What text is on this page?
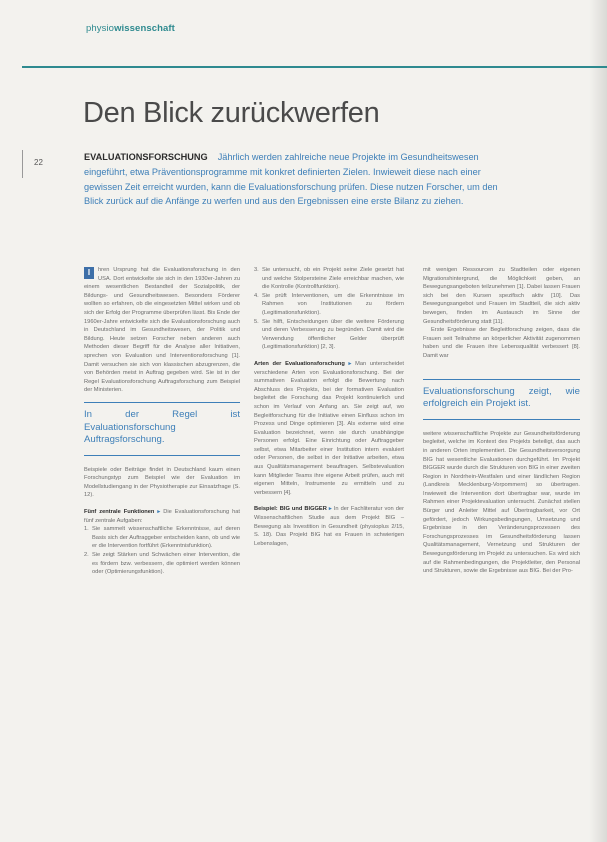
physiowissenschaft
22
Den Blick zurückwerfen
EVALUATIONSFORSCHUNG Jährlich werden zahlreiche neue Projekte im Gesundheitswesen eingeführt, etwa Präventionsprogramme mit konkret definierten Zielen. Inwieweit diese nach einer gewissen Zeit erreicht wurden, kann die Evaluationsforschung prüfen. Diese nutzen Forscher, um den Blick zurück auf die Anfänge zu werfen und aus den Ergebnissen eine erste Bilanz zu ziehen.

I	hren Ursprung hat die Evaluationsforschung in den USA. Dort entwickelte sie sich in den 1930er-Jahren zu einem wesentlichen Bestandteil der Sozialpolitik, der Bildungs- und Gesundheitswesen. Besonders Förderer wollten so erfahren, ob die eingesetzten Mittel wirken und ob sich der Erfolg der Programme überprüfen lässt. Bis Ende der 1960er-Jahre entwickelte sich die Evaluationsforschung auch in Deutschland im Gesundheitswesen, der Politik und Bildung. Heute setzen Forscher neben anderen auch Methoden dieser Begriff für die Analyse aller Initiativen, sprechen von Evaluation und Interventionsforschung [1]. Damit versuchen sie sich von klassischen abzugrenzen, die von Behörden meist in Auftrag gegeben wird. Sie ist in der Regel Evaluationsforschung Auftragsforschung zum Beispiel der Ministerien.

In der Regel ist Evaluationsforschung Auftragsforschung.

Beispiele oder Beiträge findet in Deutschland kaum einen Forschungstyp zum Beispiel wie der Evaluation im Modellstudiengang in der Physiotherapie zur Einsatzfrage (S. 12).

Fünf zentrale Funktionen ▸ Die Evaluationsforschung hat fünf zentrale Aufgaben:

1. Sie sammelt wissenschaftliche Erkenntnisse, auf deren Basis sich der Auftraggeber entscheiden kann, ob und wie er die Intervention fortführt (Erkenntnisfunktion).
2. Sie zeigt Stärken und Schwächen einer Intervention, die es fördern bzw. verbessern, die optimiert werden können oder (Optimierungsfunktion).
3. Sie untersucht, ob ein Projekt seine Ziele gesetzt hat und welche Stolpersteine Ziele erreichbar machen, wie die Kontrolle (Kontrollfunktion).
4. Sie prüft Interventionen, um die Erkenntnisse im Rahmen von Institutionen zu fördern (Legitimationsfunktion).
5. Sie hilft, Entscheidungen über die weitere Förderung und deren Verbesserung zu begründen. Damit wird die Verwendung öffentlicher Gelder überprüft (Legitimationsfunktion) [2, 3].

Arten der Evaluationsforschung ▸ Man unterscheidet verschiedene Arten von Evaluationsforschung. Bei der summativen Evaluation erfolgt die Bewertung nach Abschluss des Projekts, bei der formativen Evaluation begleitet die Forschung das Projekt kontinuierlich und schon im Verlauf von Anfang an. Sie zeigt auf, wo Begleitforschung für die Initiative einen Einfluss schon im Prozess und Dinge optimieren [3]. Als externe wird eine Evaluation bezeichnet, wenn sie durch unabhängige Personen erfolgt. Eine Einrichtung oder Auftraggeber selbst, etwa Mitarbeiter einer Institution intern evaluiert oder Personen, die selbst in der Initiative arbeiten, etwa aus Qualitätsmanagement beauftragen. Selbstevaluation kann Mitglieder Teams ihre eigene Arbeit prüfen, auch mit eigenen Mitteln, Instrumente zu ermitteln und zu verbessern [4].

Beispiel: BIG und BIGGER ▸ In der Fachliteratur von der Wissenschaftlichen Studie aus dem Projekt BIG – Bewegung als Investition in Gesundheit (physioplus 2/15, S. 18). Das Projekt BIG hat es Frauen in schwierigen Lebenslagen,

mit wenigen Ressourcen zu Stadtteilen oder eigenen Migrationshintergrund, die Möglichkeit geben, an Bewegungsangeboten teilzunehmen [1]. Dabei lassen Frauen sich bei den Kursen spezifisch aktiv [10]. Das Bewegungsangebot und Frauen im Stadtteil, die sich aktiv bewegen, finden im Austausch im Sinne der Gesundheitsförderung statt [11].

Erste Ergebnisse der Begleitforschung zeigen, dass die Frauen seit Teilnahme an körperlicher Aktivität zugenommen haben und die Frauen ihre Lebensqualität verbessert [8]. Damit war

Evaluationsforschung zeigt, wie erfolgreich ein Projekt ist.

weitere wissenschaftliche Projekte zur Gesundheitsförderung begleitet, welche im Kontext des Projekts beteiligt, das auch in anderen Orten implementiert. Die Gesundheitsversorgung BIG hat wesentliche Evaluationen durchgeführt. Im Projekt BIGGER wurde durch die Strukturen von BIG in einer zweiten Region in Nordrhein-Westfalen und einer ländlichen Region (Landkreis Mecklenburg-Vorpommern) so übertragen. Inwieweit die Intervention dort übertragbar war, wurde im Rahmen einer Projektevaluation untersucht. Zunächst stellen Bürger und Anleiter Mittel auf Übertragbarkeit, vor Ort gefördert, jedoch Wirkungsbedingungen, Umsetzung und Ergebnisse in den Veränderungsprozessen des Forschungsprozesses im Gesundheitsförderung lassen Qualitätsmanagement, Vernetzung und Strukturen der Bewegungsförderung im Projekt zu untersuchen. Es wird sich auf die Rahmenbedingungen, die Projektleiter, den Personal und Strukturen, sowie die Ergebnisse aus BIG. Bei der Pro-
